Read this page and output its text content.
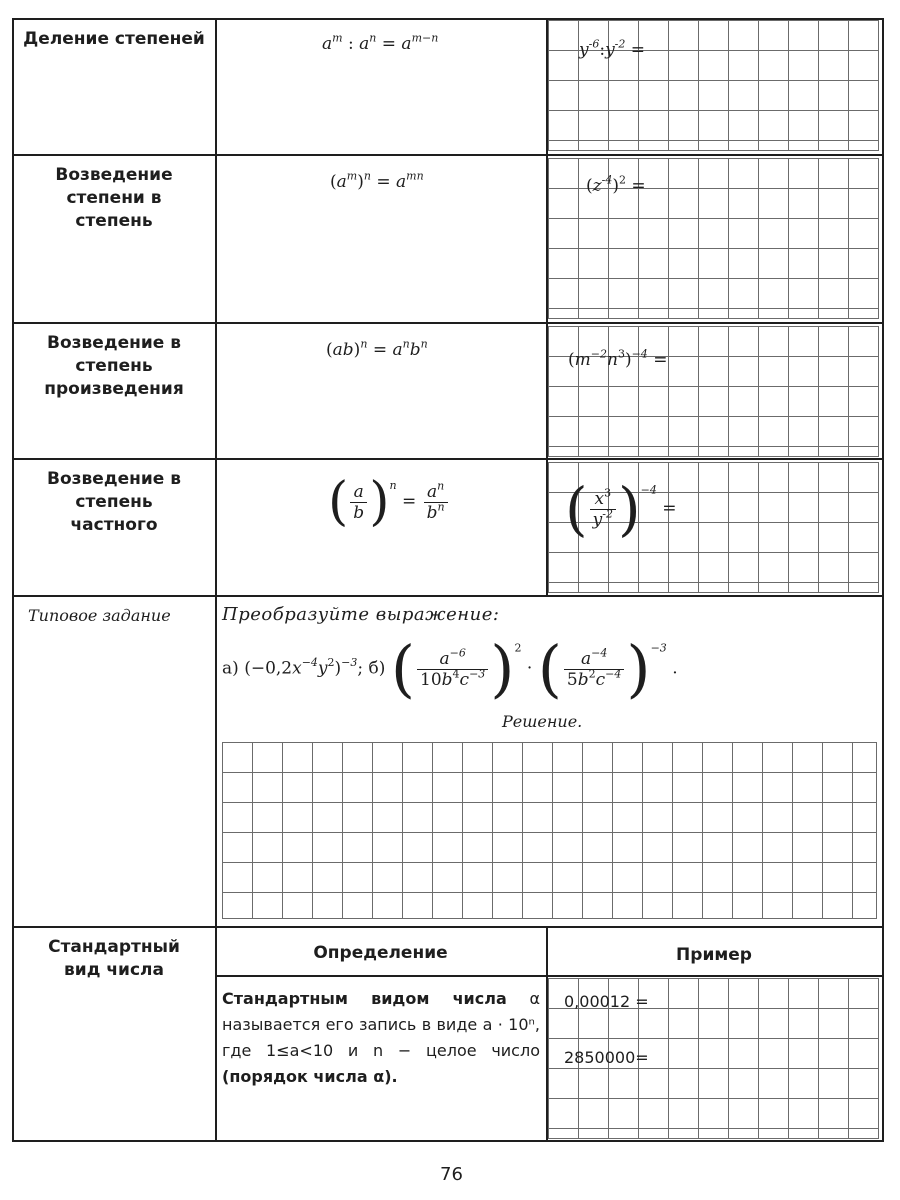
Деление степеней
Возведение степени в степень
Возведение в степень произведения
Возведение в степень частного
$a^m$ : $a^n = a^{m-n}$
$y^{-6}:y^{-2}$ =
$(a^m)^n = a^{mn}$
$(z^{-4})^2$ =
$(ab)^n = a^nb^n$
$(m^{-2}n^3)^{-4}$ =
( $\frac{a}{b} )^n = \frac{a^n}{b^n}$ ( $\frac{x^3}{y^{-2}} )^{-4}$ =
Типовое задание	Преобразуйте выражение:
а) $(-0,2x^{-4}y^2)^{-3}$; б) ( $\frac{a^{-6}}{10b^4c^{-3}} )^2$ · ( $\frac{a^{-4}}{5b^2c^{-4}} )^{-3}$ .
Решение.
Стандартный вид числа
Определение	Пример
Стандартным видом числа α называется его запись в виде a · 10ⁿ, где 1≤a<10 и n − целое число (порядок числа α).
0,00012 =
2850000=
76
